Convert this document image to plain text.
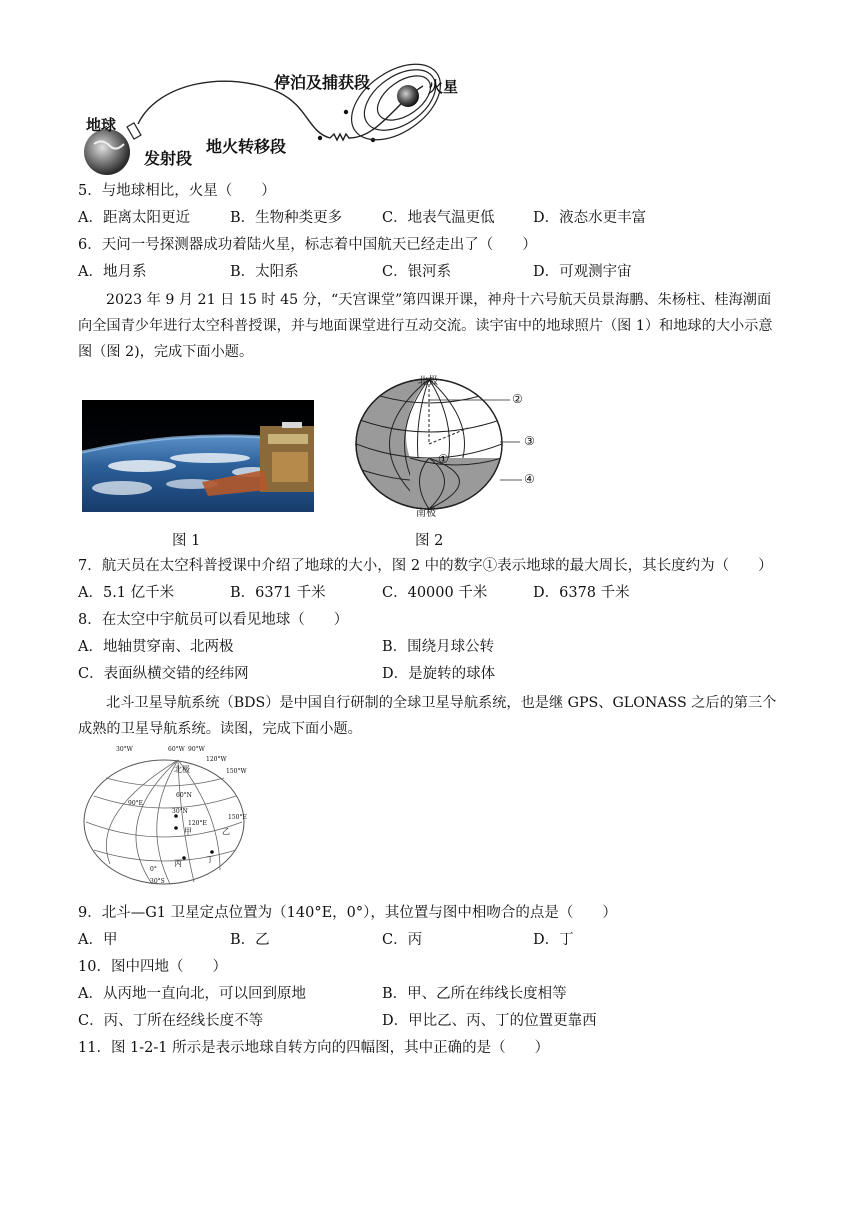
地球
发射段
地火转移段
停泊及捕获段	火星
5．与地球相比，火星（　　）
A．距离太阳更近	B．生物种类更多	C．地表气温更低	D．液态水更丰富
6．天问一号探测器成功着陆火星，标志着中国航天已经走出了（　　）
A．地月系	B．太阳系	C．银河系	D．可观测宇宙

2023 年 9 月 21 日 15 时 45 分，“天宫课堂”第四课开课，神舟十六号航天员景海鹏、朱杨柱、桂海潮面向全国青少年进行太空科普授课，并与地面课堂进行互动交流。读宇宙中的地球照片（图 1）和地球的大小示意图（图 2)，完成下面小题。

图 1
北极
南极
①
②
③
④
图 2
7．航天员在太空科普授课中介绍了地球的大小，图 2 中的数字①表示地球的最大周长，其长度约为（　　）
A．5.1 亿千米	B．6371 千米	C．40000 千米	D．6378 千米
8．在太空中宇航员可以看见地球（　　）
A．地轴贯穿南、北两极	B．围绕月球公转
C．表面纵横交错的经纬网	D．是旋转的球体

北斗卫星导航系统（BDS）是中国自行研制的全球卫星导航系统，也是继 GPS、GLONASS 之后的第三个成熟的卫星导航系统。读图，完成下面小题。

北极
甲	乙
丙	丁
30°W	60°W 90°W
120°W
150°W
60°N
30°N
90°E
120°E
150°E
0°
30°S
9．北斗—G1 卫星定点位置为（140°E，0°），其位置与图中相吻合的点是（　　）
A．甲	B．乙	C．丙	D．丁
10．图中四地（　　）
A．从丙地一直向北，可以回到原地	B．甲、乙所在纬线长度相等
C．丙、丁所在经线长度不等	D．甲比乙、丙、丁的位置更靠西
11．图 1-2-1 所示是表示地球自转方向的四幅图，其中正确的是（　　）
